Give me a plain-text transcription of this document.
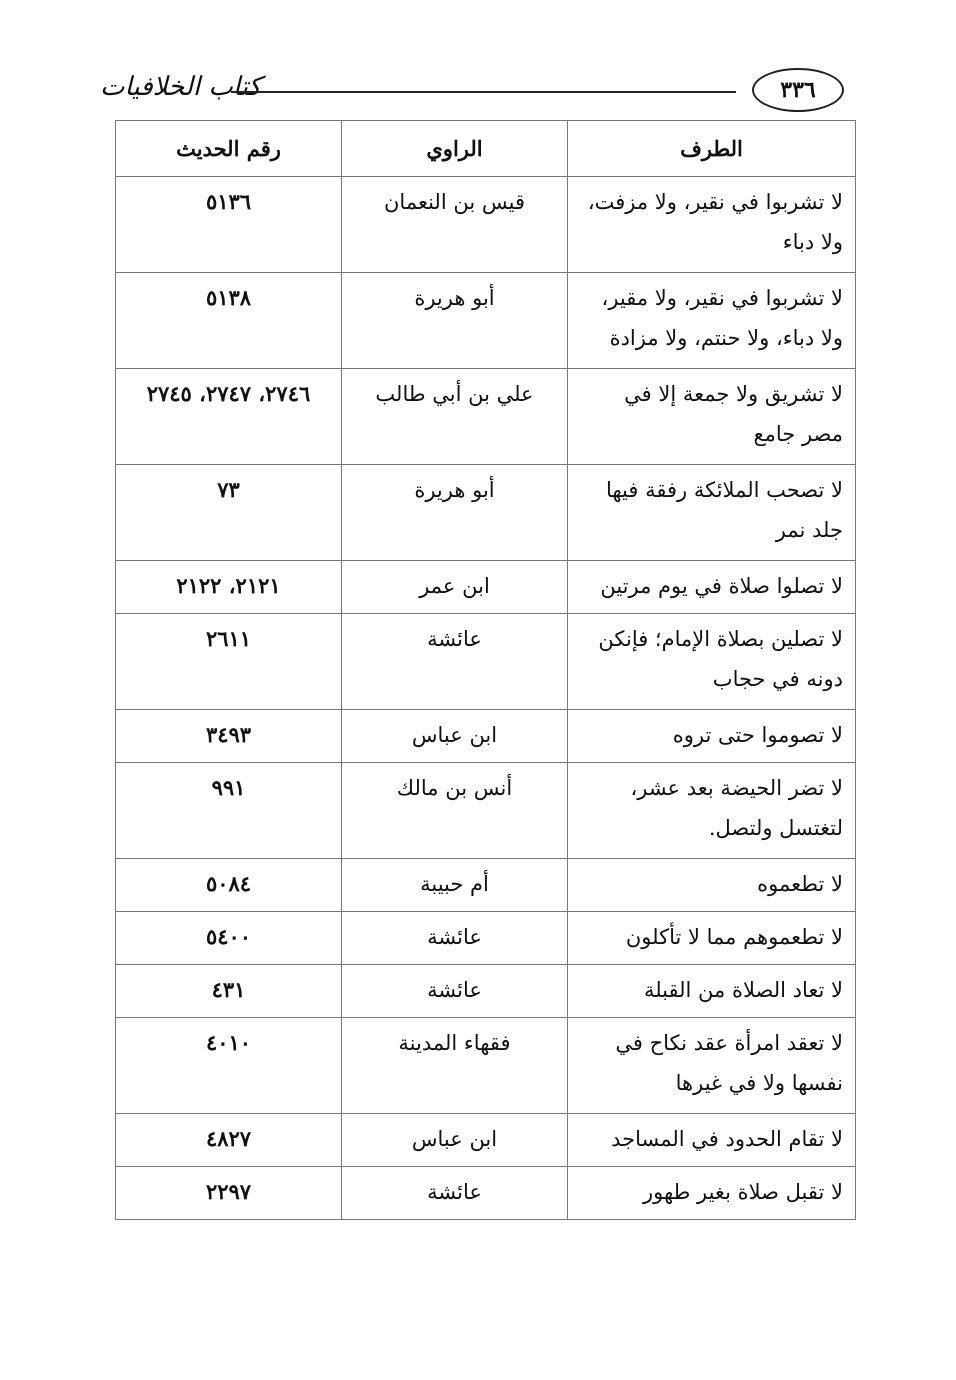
كتاب الخلافيات	٣٣٦
الطرف	الراوي	رقم الحديث
لا تشربوا في نقير، ولا مزفت، ولا دباء	قيس بن النعمان	٥١٣٦
لا تشربوا في نقير، ولا مقير، ولا دباء، ولا حنتم، ولا مزادة	أبو هريرة	٥١٣٨
لا تشريق ولا جمعة إلا في مصر جامع	علي بن أبي طالب	٢٧٤٦، ٢٧٤٧، ٢٧٤٥
لا تصحب الملائكة رفقة فيها جلد نمر	أبو هريرة	٧٣
لا تصلوا صلاة في يوم مرتين	ابن عمر	٢١٢١، ٢١٢٢
لا تصلين بصلاة الإمام؛ فإنكن دونه في حجاب	عائشة	٢٦١١
لا تصوموا حتى تروه	ابن عباس	٣٤٩٣
لا تضر الحيضة بعد عشر، لتغتسل ولتصل.	أنس بن مالك	٩٩١
لا تطعموه	أم حبيبة	٥٠٨٤
لا تطعموهم مما لا تأكلون	عائشة	٥٤٠٠
لا تعاد الصلاة من القبلة	عائشة	٤٣١
لا تعقد امرأة عقد نكاح في نفسها ولا في غيرها	فقهاء المدينة	٤٠١٠
لا تقام الحدود في المساجد	ابن عباس	٤٨٢٧
لا تقبل صلاة بغير طهور	عائشة	٢٢٩٧
